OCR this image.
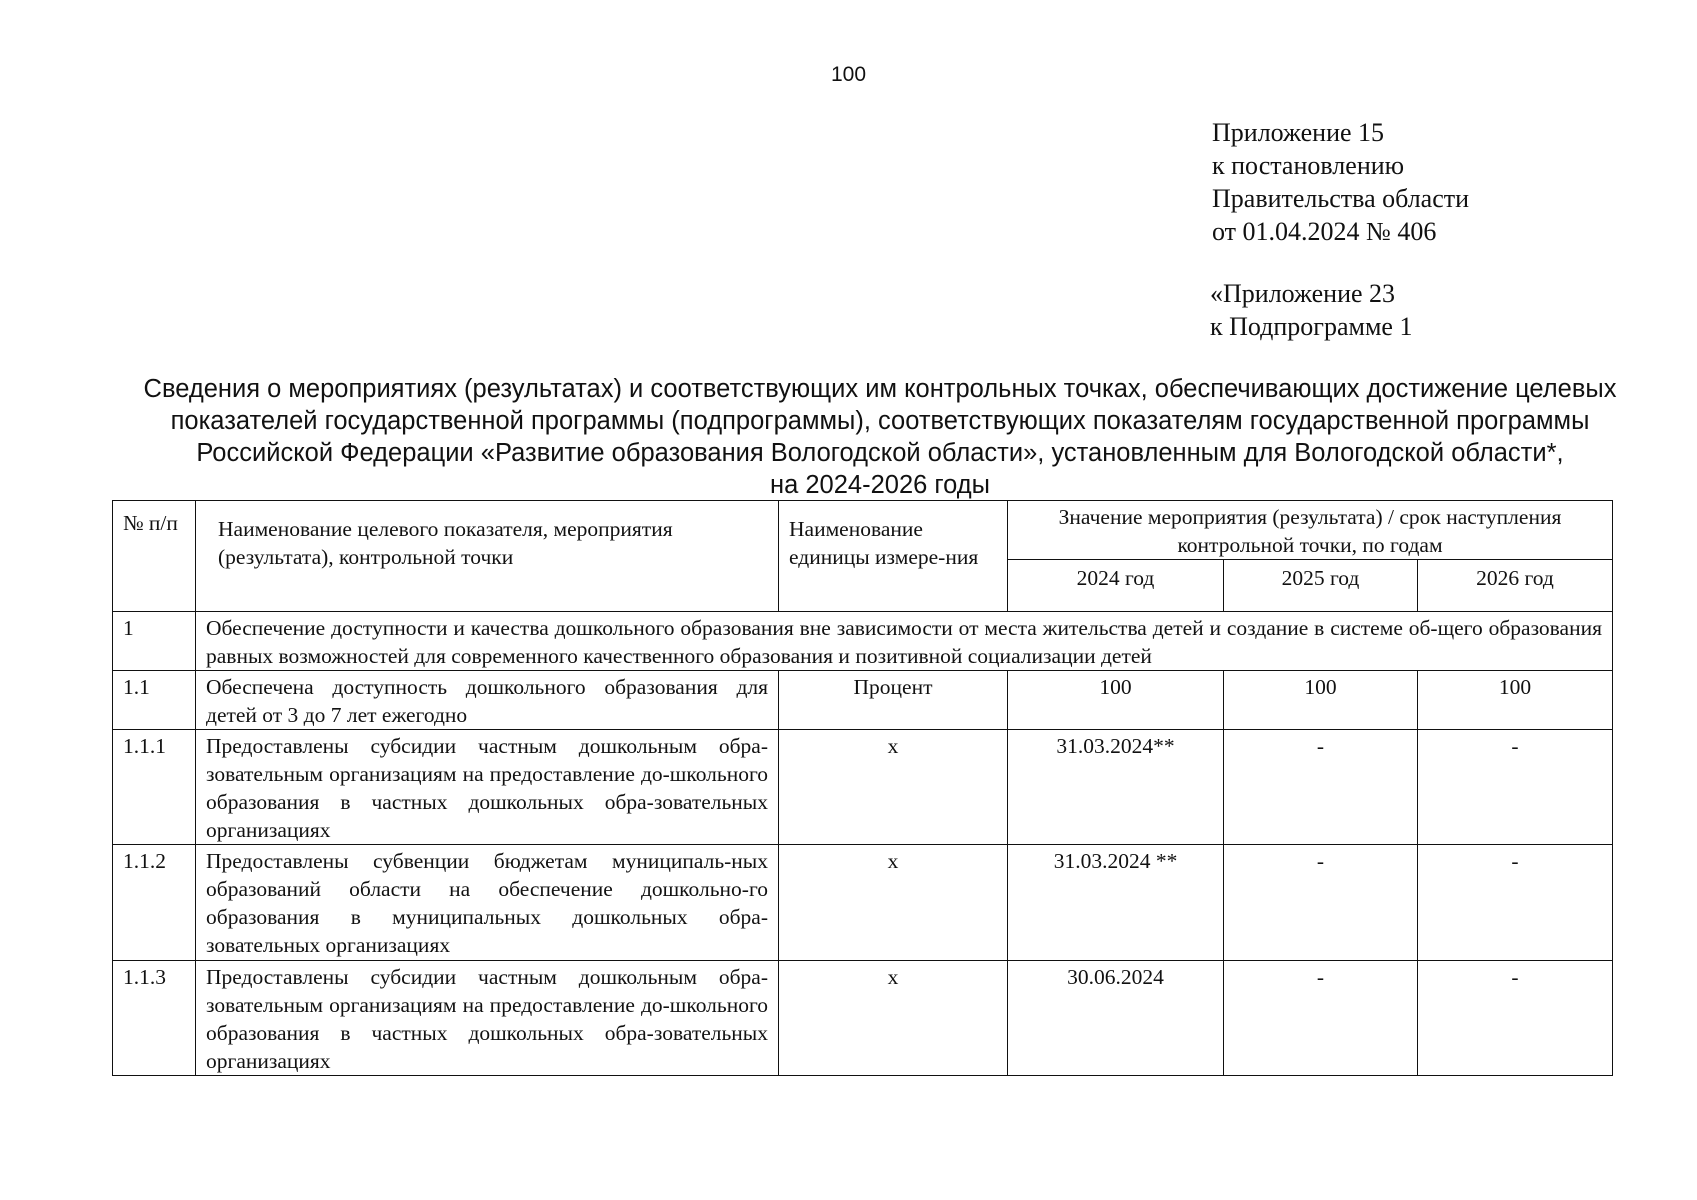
100
Приложение 15
к постановлению
Правительства области
от 01.04.2024 № 406
«Приложение 23
к Подпрограмме 1
Сведения о мероприятиях (результатах) и соответствующих им контрольных точках, обеспечивающих достижение целевых
показателей государственной программы (подпрограммы), соответствующих показателям государственной программы
Российской Федерации «Развитие образования Вологодской области», установленным для Вологодской области*,
на 2024-2026 годы
№ п/п	Наименование целевого показателя, мероприятия (результата), контрольной точки	Наименование единицы измере-ния	Значение мероприятия (результата) / срок наступления контрольной точки, по годам		
			2024 год	2025 год	2026 год
1	Обеспечение доступности и качества дошкольного образования вне зависимости от места жительства детей и создание в системе об-щего образования равных возможностей для современного качественного образования и позитивной социализации детей				
1.1	Обеспечена доступность дошкольного образования для детей от 3 до 7 лет ежегодно	Процент	100	100	100
1.1.1	Предоставлены субсидии частным дошкольным обра-зовательным организациям на предоставление до-школьного образования в частных дошкольных обра-зовательных организациях	х	31.03.2024**	-	-
1.1.2	Предоставлены субвенции бюджетам муниципаль-ных образований области на обеспечение дошкольно-го образования в муниципальных дошкольных обра-зовательных организациях	х	31.03.2024 **	-	-
1.1.3	Предоставлены субсидии частным дошкольным обра-зовательным организациям на предоставление до-школьного образования в частных дошкольных обра-зовательных организациях	х	30.06.2024	-	-
